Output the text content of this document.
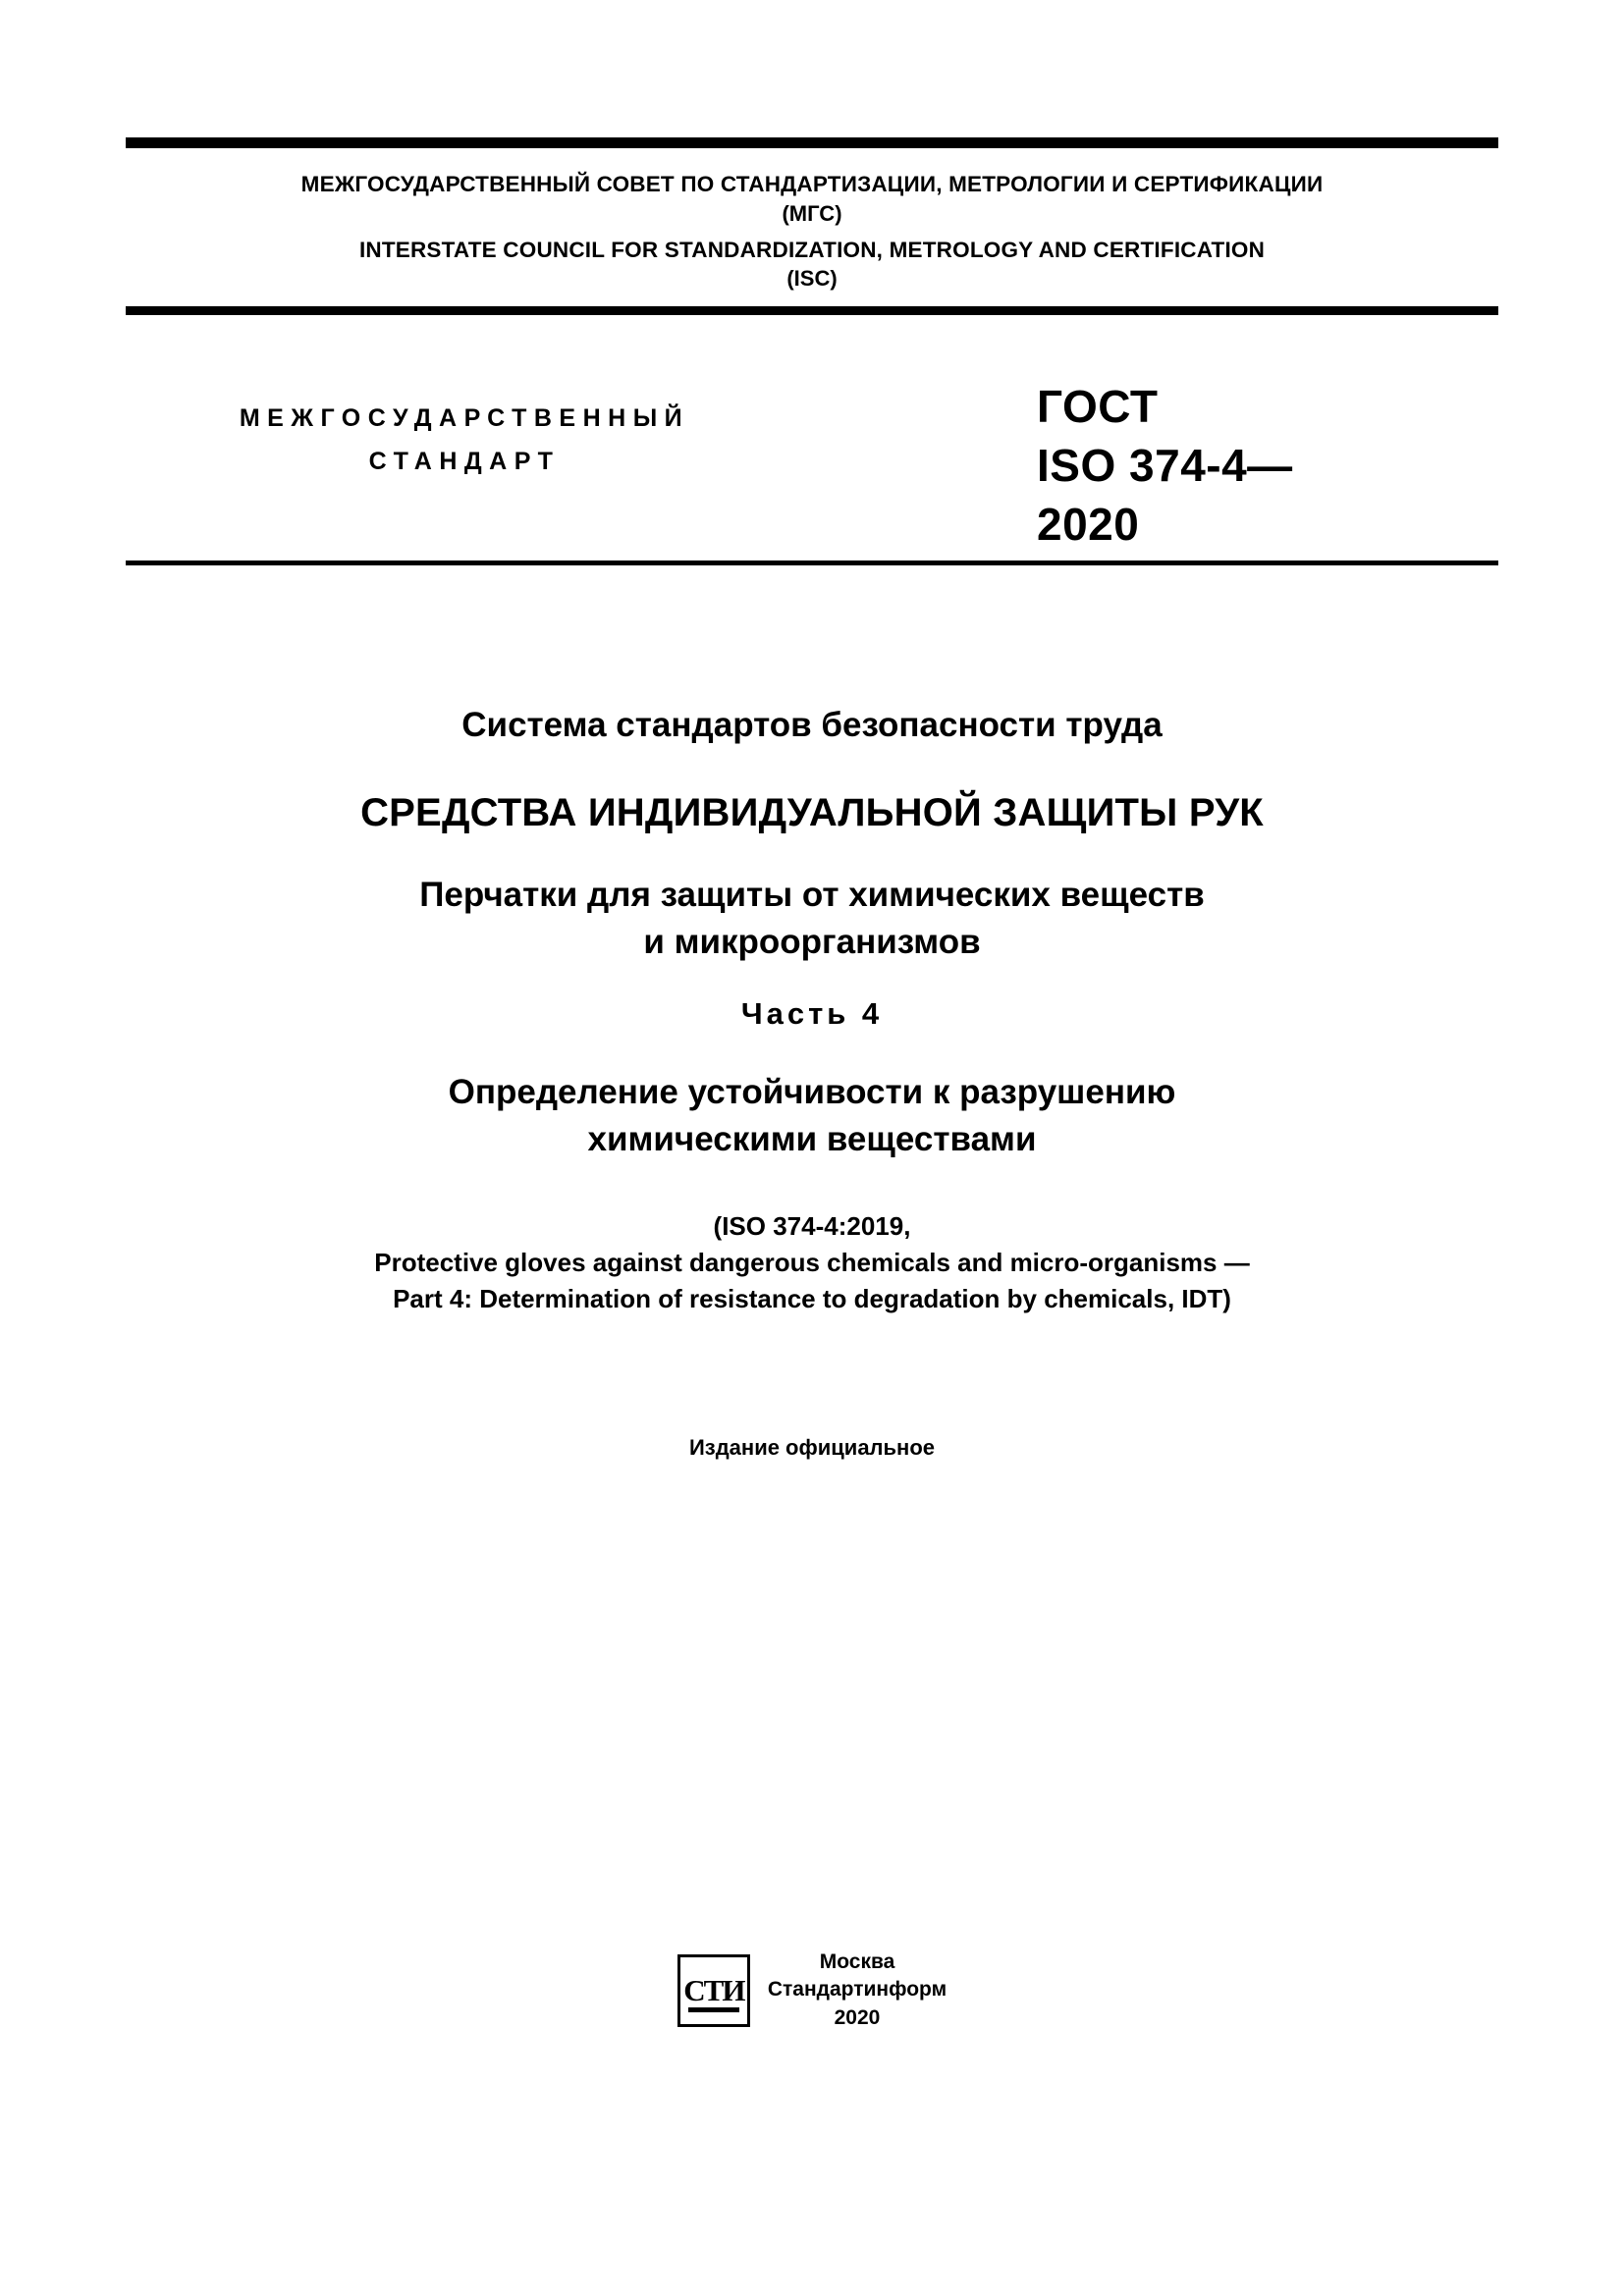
МЕЖГОСУДАРСТВЕННЫЙ СОВЕТ ПО СТАНДАРТИЗАЦИИ, МЕТРОЛОГИИ И СЕРТИФИКАЦИИ
(МГС)
INTERSTATE COUNCIL FOR STANDARDIZATION, METROLOGY AND CERTIFICATION
(ISC)
МЕЖГОСУДАРСТВЕННЫЙ
СТАНДАРТ
ГОСТ
ISO 374-4—
2020
Система стандартов безопасности труда
СРЕДСТВА ИНДИВИДУАЛЬНОЙ ЗАЩИТЫ РУК
Перчатки для защиты от химических веществ
и микроорганизмов
Часть 4
Определение устойчивости к разрушению
химическими веществами
(ISO 374-4:2019,
Protective gloves against dangerous chemicals and micro-organisms —
Part 4: Determination of resistance to degradation by chemicals, IDT)
Издание официальное
СТИ
Москва
Стандартинформ
2020
